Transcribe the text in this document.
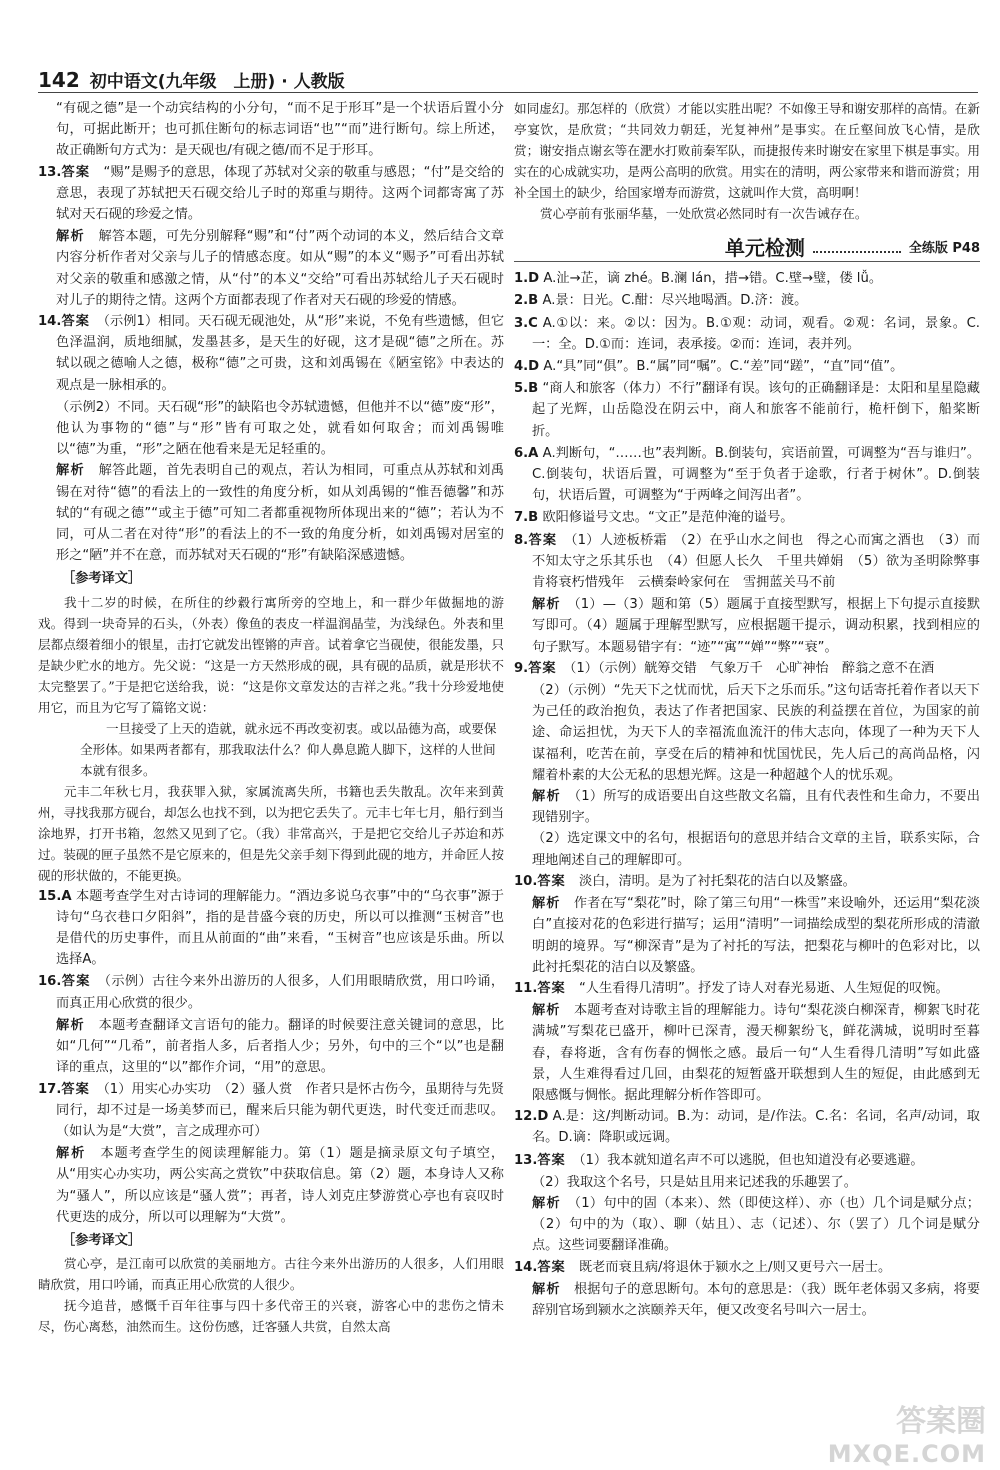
142 初中语文(九年级　上册) · 人教版
“有砚之德”是一个动宾结构的小分句，“而不足于形耳”是一个状语后置小分句，可据此断开；也可抓住断句的标志词语“也”“而”进行断句。综上所述，故正确断句方式为：是天砚也/有砚之德/而不足于形耳。
13.答案　 “赐”是赐予的意思，体现了苏轼对父亲的敬重与感恩；“付”是交给的意思，表现了苏轼把天石砚交给儿子时的郑重与期待。这两个词都寄寓了苏轼对天石砚的珍爱之情。
解析　 解答本题，可先分别解释“赐”和“付”两个动词的本义，然后结合文章内容分析作者对父亲与儿子的情感态度。如从“赐”的本义“赐予”可看出苏轼对父亲的敬重和感激之情，从“付”的本义“交给”可看出苏轼给儿子天石砚时对儿子的期待之情。这两个方面都表现了作者对天石砚的珍爱的情感。
14.答案　 （示例1）相同。天石砚无砚池处，从“形”来说，不免有些遗憾，但它色泽温润，质地细腻，发墨甚多，是天生的好砚，这才是砚“德”之所在。苏轼以砚之德喻人之德，极称“德”之可贵，这和刘禹锡在《陋室铭》中表达的观点是一脉相承的。
（示例2）不同。天石砚“形”的缺陷也令苏轼遗憾，但他并不以“德”废“形”，他认为事物的“德”与“形”皆有可取之处，就看如何取舍；而刘禹锡唯以“德”为重，“形”之陋在他看来是无足轻重的。
解析　 解答此题，首先表明自己的观点，若认为相同，可重点从苏轼和刘禹锡在对待“德”的看法上的一致性的角度分析，如从刘禹锡的“惟吾德馨”和苏轼的“有砚之德”“或主于德”可知二者都重视物所体现出来的“德”；若认为不同，可从二者在对待“形”的看法上的不一致的角度分析，如刘禹锡对居室的形之“陋”并不在意，而苏轼对天石砚的“形”有缺陷深感遗憾。
［参考译文］
我十二岁的时候，在所住的纱縠行寓所旁的空地上，和一群少年做掘地的游戏。得到一块奇异的石头，（外表）像鱼的表皮一样温润晶莹，为浅绿色。外表和里层都点缀着细小的银星，击打它就发出铿锵的声音。试着拿它当砚使，很能发墨，只是缺少贮水的地方。先父说：“这是一方天然形成的砚，具有砚的品质，就是形状不太完整罢了。”于是把它送给我，说：“这是你文章发达的吉祥之兆。”我十分珍爱地使用它，而且为它写了篇铭文说：
一旦接受了上天的造就，就永远不再改变初衷。或以品德为高，或要保全形体。如果两者都有，那我取法什么？仰人鼻息跪人脚下，这样的人世间本就有很多。
元丰二年秋七月，我获罪入狱，家属流离失所，书籍也丢失散乱。次年来到黄州，寻找我那方砚台，却怎么也找不到，以为把它丢失了。元丰七年七月，船行到当涂地界，打开书箱，忽然又见到了它。（我）非常高兴，于是把它交给儿子苏迨和苏过。装砚的匣子虽然不是它原来的，但是先父亲手刻下得到此砚的地方，并命匠人按砚的形状做的，不能更换。
15.A 本题考查学生对古诗词的理解能力。“酒边多说乌衣事”中的“乌衣事”源于诗句“乌衣巷口夕阳斜”，指的是昔盛今衰的历史，所以可以推测“玉树音”也是借代的历史事件，而且从前面的“曲”来看，“玉树音”也应该是乐曲。所以选择A。
16.答案　 （示例）古往今来外出游历的人很多，人们用眼睛欣赏，用口吟诵，而真正用心欣赏的很少。
解析　 本题考查翻译文言语句的能力。翻译的时候要注意关键词的意思，比如“几何”“几希”，前者指人多，后者指人少；另外，句中的三个“以”也是翻译的重点，这里的“以”都作介词，“用”的意思。
17.答案　 （1）用实心办实功　（2）骚人赏　作者只是怀古伤今，虽期待与先贤同行，却不过是一场美梦而已，醒来后只能为朝代更迭，时代变迁而悲叹。（如认为是“大赏”，言之成理亦可）
解析　 本题考查学生的阅读理解能力。第（1）题是摘录原文句子填空，从“用实心办实功，两公实高之赏钦”中获取信息。第（2）题，本身诗人又称为“骚人”，所以应该是“骚人赏”；再者，诗人刘克庄梦游赏心亭也有哀叹时代更迭的成分，所以可以理解为“大赏”。
［参考译文］
赏心亭，是江南可以欣赏的美丽地方。古往今来外出游历的人很多，人们用眼睛欣赏，用口吟诵，而真正用心欣赏的人很少。
抚今追昔，感慨千百年往事与四十多代帝王的兴衰，游客心中的悲伤之情未尽，伤心离愁，油然而生。这份伤感，迁客骚人共赏，自然太高
如同虚幻。那怎样的（欣赏）才能以实胜出呢？不如像王导和谢安那样的高情。在新亭宴饮，是欣赏；“共同效力朝廷，光复神州”是事实。在丘壑间放飞心情，是欣赏；谢安指点谢玄等在淝水打败前秦军队，而捷报传来时谢安在家里下棋是事实。用实在的心成就实功，是两公高明的欣赏。用实在的清明，两公家带来和谐而游赏；用补全国土的缺少，给国家增寿而游赏，这就叫作大赏，高明啊！
赏心亭前有张丽华墓，一处欣赏必然同时有一次告诫存在。
单元检测	全练版 P48
1.D A.沚→芷，谪 zhé。B.澜 lán，措→错。C.壁→璧，偻 lǚ。
2.B A.景：日光。C.酣：尽兴地喝酒。D.济：渡。
3.C A.①以：来。②以：因为。B.①观：动词，观看。②观：名词，景象。C.一：全。D.①而：连词，表承接。②而：连词，表并列。
4.D A.“具”同“俱”。B.“属”同“嘱”。C.“差”同“蹉”，“直”同“值”。
5.B “商人和旅客（体力）不行”翻译有误。该句的正确翻译是：太阳和星星隐藏起了光辉，山岳隐没在阴云中，商人和旅客不能前行，桅杆倒下，船桨断折。
6.A A.判断句，“……也”表判断。B.倒装句，宾语前置，可调整为“吾与谁归”。C.倒装句，状语后置，可调整为“至于负者于途歌，行者于树休”。D.倒装句，状语后置，可调整为“于两峰之间泻出者”。
7.B 欧阳修谥号文忠。“文正”是范仲淹的谥号。
8.答案　 （1）人迹板桥霜　（2）在乎山水之间也　得之心而寓之酒也　（3）而不知太守之乐其乐也　（4）但愿人长久　千里共婵娟　（5）欲为圣明除弊事　肯将衰朽惜残年　云横秦岭家何在　雪拥蓝关马不前
解析　 （1）—（3）题和第（5）题属于直接型默写，根据上下句提示直接默写即可。（4）题属于理解型默写，应根据题干提示，调动积累，找到相应的句子默写。本题易错字有：“迹”“寓”“婵”“弊”“衰”。
9.答案　 （1）（示例）觥筹交错　气象万千　心旷神怡　醉翁之意不在酒
（2）（示例）“先天下之忧而忧，后天下之乐而乐。”这句话寄托着作者以天下为己任的政治抱负，表达了作者把国家、民族的利益摆在首位，为国家的前途、命运担忧，为天下人的幸福流血流汗的伟大志向，体现了一种为天下人谋福利，吃苦在前，享受在后的精神和忧国忧民，先人后己的高尚品格，闪耀着朴素的大公无私的思想光辉。这是一种超越个人的忧乐观。
解析　 （1）所写的成语要出自这些散文名篇，且有代表性和生命力，不要出现错别字。
（2）选定课文中的名句，根据语句的意思并结合文章的主旨，联系实际，合理地阐述自己的理解即可。
10.答案　 淡白，清明。是为了衬托梨花的洁白以及繁盛。
解析　 作者在写“梨花”时，除了第三句用“一株雪”来设喻外，还运用“梨花淡白”直接对花的色彩进行描写；运用“清明”一词描绘成型的梨花所形成的清澈明朗的境界。写“柳深青”是为了衬托的写法，把梨花与柳叶的色彩对比，以此衬托梨花的洁白以及繁盛。
11.答案　 “人生看得几清明”。抒发了诗人对春光易逝、人生短促的叹惋。
解析　 本题考查对诗歌主旨的理解能力。诗句“梨花淡白柳深青，柳絮飞时花满城”写梨花已盛开，柳叶已深青，漫天柳絮纷飞，鲜花满城，说明时至暮春，春将逝，含有伤春的惆怅之感。最后一句“人生看得几清明”写如此盛景，人生难得看过几回，由梨花的短暂盛开联想到人生的短促，由此感到无限感慨与惆怅。据此理解分析作答即可。
12.D A.是：这/判断动词。B.为：动词，是/作法。C.名：名词，名声/动词，取名。D.谪：降职或远调。
13.答案　 （1）我本就知道名声不可以逃脱，但也知道没有必要逃避。
（2）我取这个名号，只是姑且用来记述我的乐趣罢了。
解析　 （1）句中的固（本来）、然（即使这样）、亦（也）几个词是赋分点；（2）句中的为（取）、聊（姑且）、志（记述）、尔（罢了）几个词是赋分点。这些词要翻译准确。
14.答案　 既老而衰且病/将退休于颍水之上/则又更号六一居士。
解析　 根据句子的意思断句。本句的意思是：（我）既年老体弱又多病，将要辞别官场到颍水之滨颐养天年，便又改变名号叫六一居士。
答案圈
MXQE.COM
